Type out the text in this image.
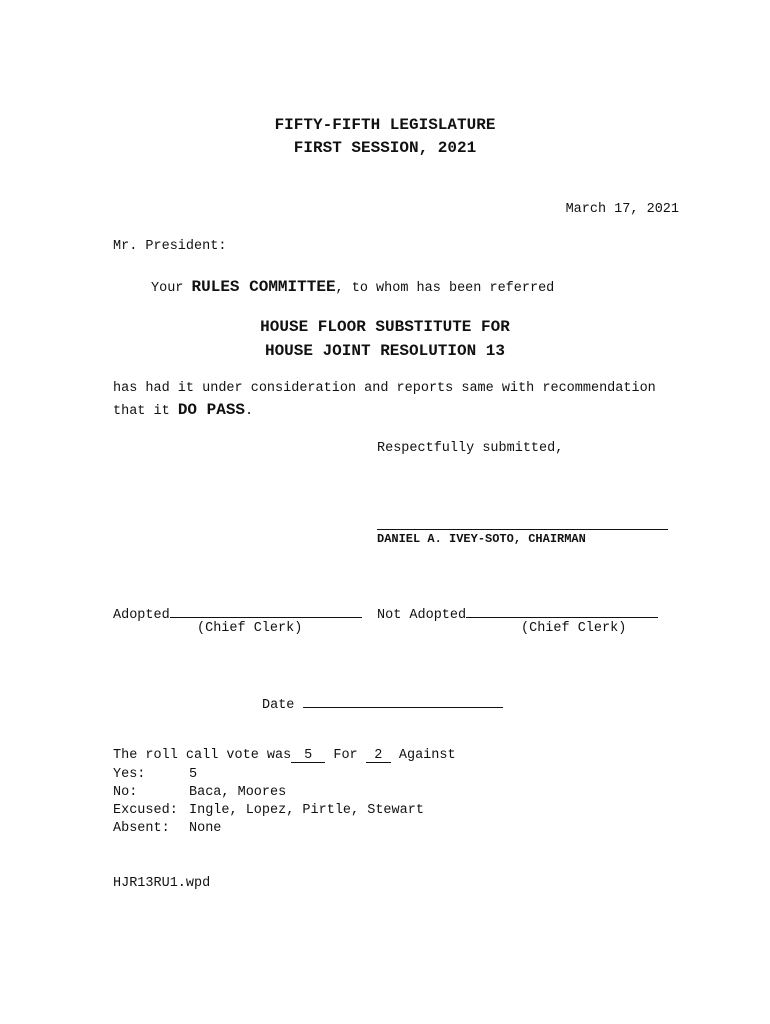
FIFTY-FIFTH LEGISLATURE
FIRST SESSION, 2021
March 17, 2021
Mr. President:
Your RULES COMMITTEE, to whom has been referred
HOUSE FLOOR SUBSTITUTE FOR
HOUSE JOINT RESOLUTION 13
has had it under consideration and reports same with recommendation
that it DO PASS.
Respectfully submitted,
DANIEL A. IVEY-SOTO, CHAIRMAN
Adopted
(Chief Clerk)
Not Adopted
(Chief Clerk)
Date
The roll call vote was 5 For 2 Against
Yes:	5
No:	Baca, Moores
Excused: Ingle, Lopez, Pirtle, Stewart
Absent: None
HJR13RU1.wpd
